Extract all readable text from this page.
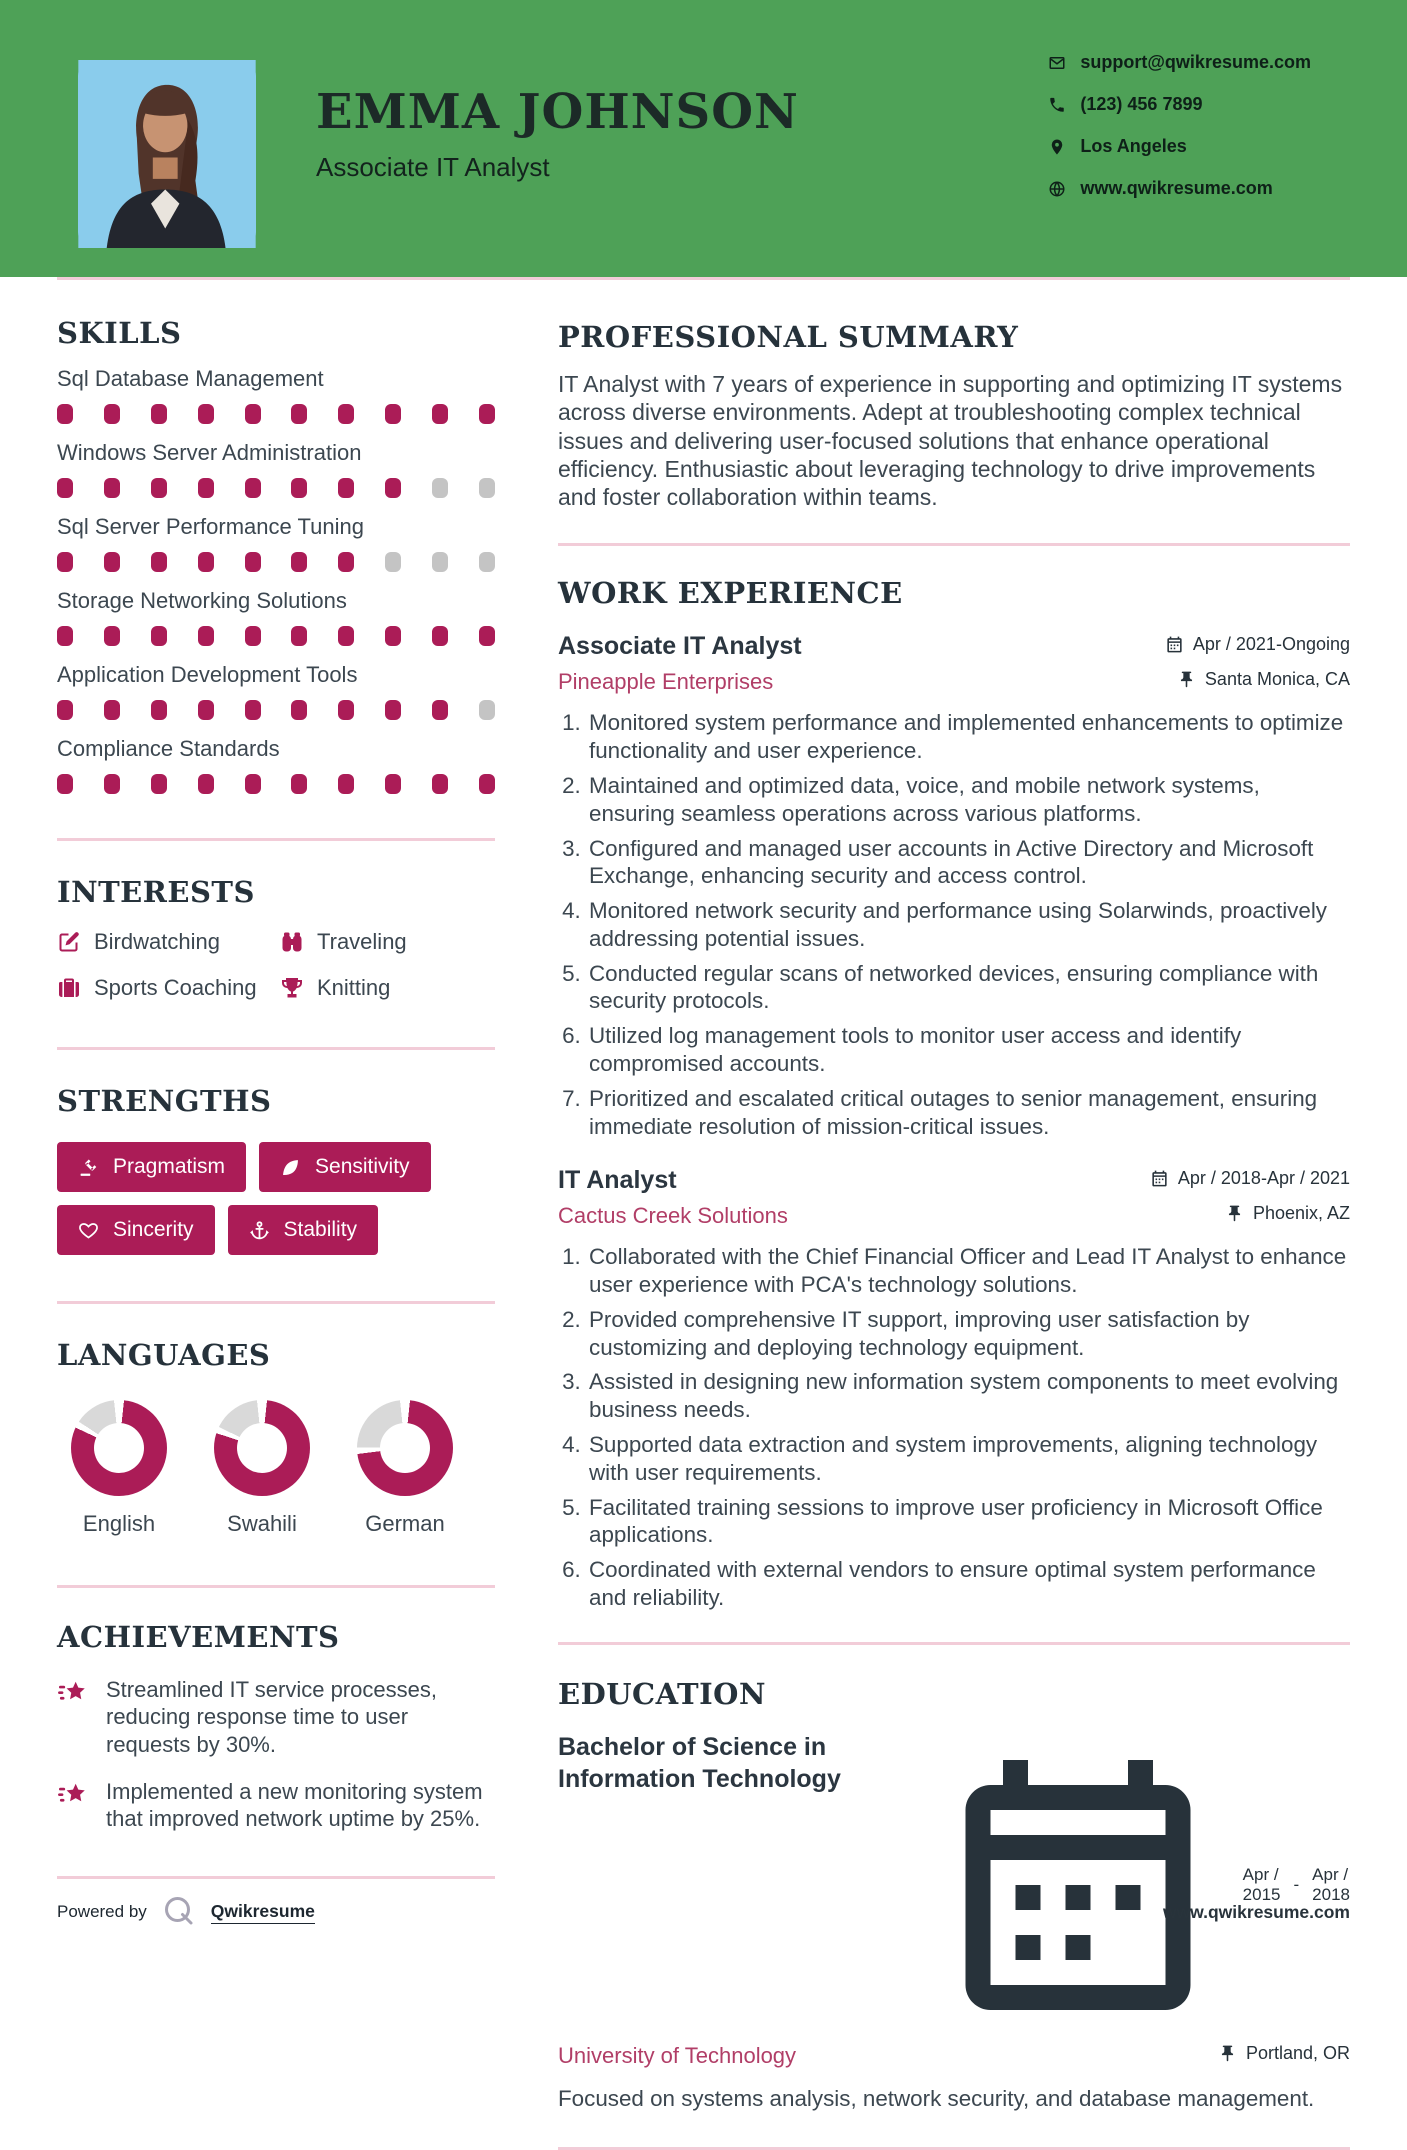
EMMA JOHNSON
Associate IT Analyst
support@qwikresume.com
(123) 456 7899
Los Angeles
www.qwikresume.com
SKILLS
Sql Database Management
Windows Server Administration
Sql Server Performance Tuning
Storage Networking Solutions
Application Development Tools
Compliance Standards
INTERESTS
Birdwatching	Traveling
Sports Coaching	Knitting
STRENGTHS
Pragmatism	Sensitivity
Sincerity	Stability
LANGUAGES
English	Swahili	German
ACHIEVEMENTS
Streamlined IT service processes, reducing response time to user requests by 30%.
Implemented a new monitoring system that improved network uptime by 25%.
PROFESSIONAL SUMMARY

IT Analyst with 7 years of experience in supporting and optimizing IT systems across diverse environments. Adept at troubleshooting complex technical issues and delivering user-focused solutions that enhance operational efficiency. Enthusiastic about leveraging technology to drive improvements and foster collaboration within teams.

WORK EXPERIENCE
Associate IT Analyst	Apr / 2021-Ongoing
Pineapple Enterprises	Santa Monica, CA
1. Monitored system performance and implemented enhancements to optimize functionality and user experience.
2. Maintained and optimized data, voice, and mobile network systems, ensuring seamless operations across various platforms.
3. Configured and managed user accounts in Active Directory and Microsoft Exchange, enhancing security and access control.
4. Monitored network security and performance using Solarwinds, proactively addressing potential issues.
5. Conducted regular scans of networked devices, ensuring compliance with security protocols.
6. Utilized log management tools to monitor user access and identify compromised accounts.
7. Prioritized and escalated critical outages to senior management, ensuring immediate resolution of mission-critical issues.
IT Analyst	Apr / 2018-Apr / 2021
Cactus Creek Solutions	Phoenix, AZ
1. Collaborated with the Chief Financial Officer and Lead IT Analyst to enhance user experience with PCA's technology solutions.
2. Provided comprehensive IT support, improving user satisfaction by customizing and deploying technology equipment.
3. Assisted in designing new information system components to meet evolving business needs.
4. Supported data extraction and system improvements, aligning technology with user requirements.
5. Facilitated training sessions to improve user proficiency in Microsoft Office applications.
6. Coordinated with external vendors to ensure optimal system performance and reliability.
EDUCATION
Bachelor of Science in Information Technology
Apr /
2015
-
Apr /
2018
University of Technology	Portland, OR
Focused on systems analysis, network security, and database management.
Powered by	Qwikresume	www.qwikresume.com
